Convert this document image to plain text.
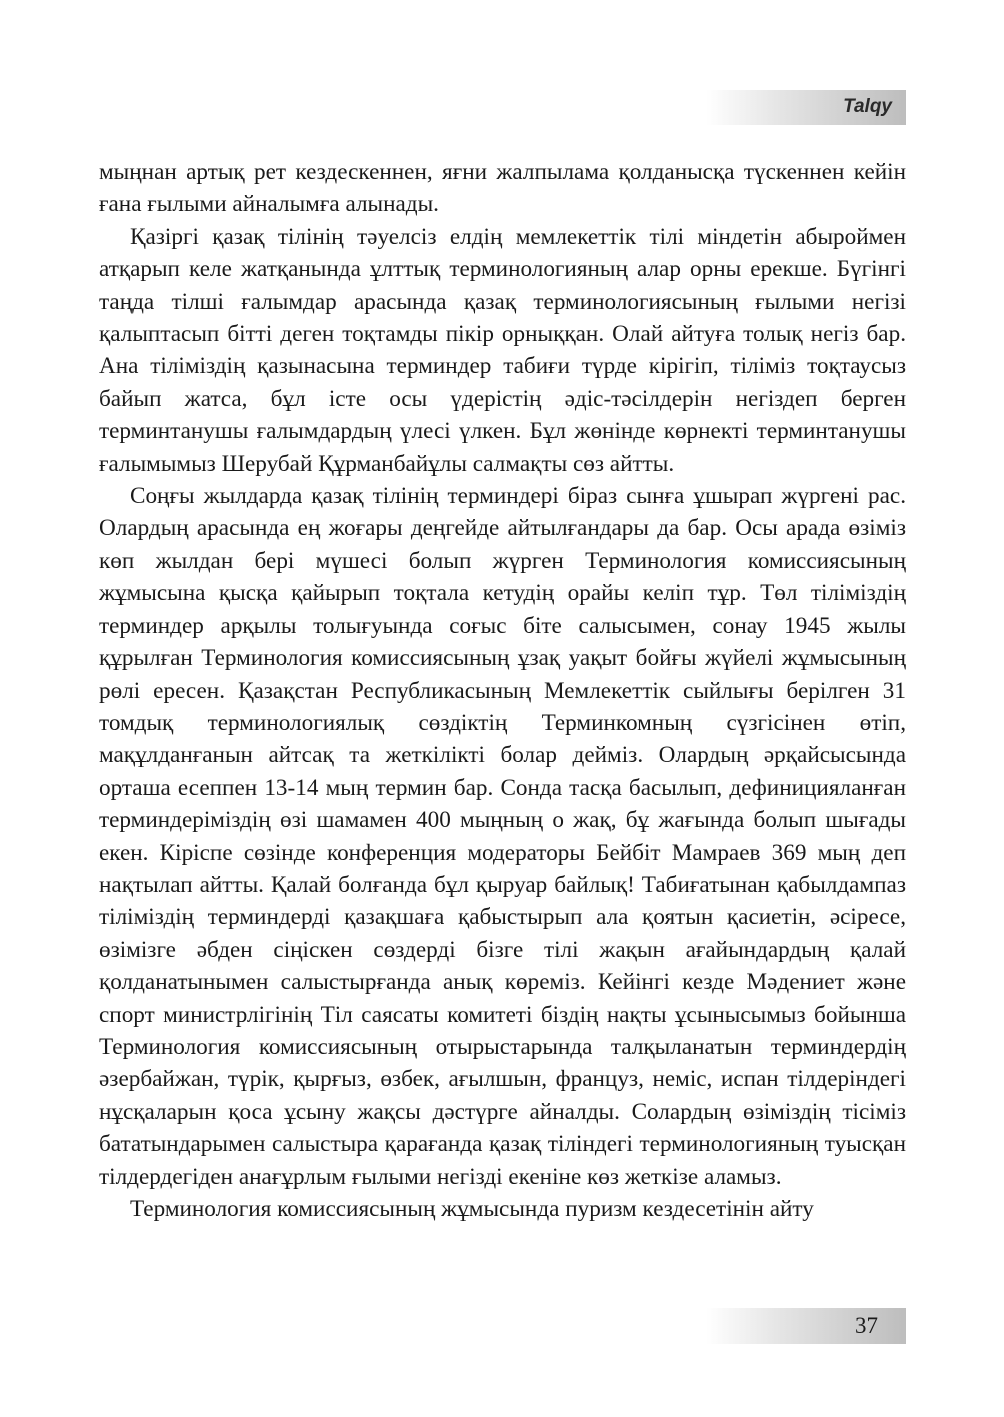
Talqy

мыңнан артық рет кездескеннен, яғни жалпылама қолданысқа түскеннен кейін ғана ғылыми айналымға алынады.

Қазіргі қазақ тілінің тәуелсіз елдің мемлекеттік тілі міндетін абыроймен атқарып келе жатқанында ұлттық терминологияның алар орны ерекше. Бүгінгі таңда тілші ғалымдар арасында қазақ терминологиясының ғылыми негізі қалыптасып бітті деген тоқтамды пікір орныққан. Олай айтуға толық негіз бар. Ана тіліміздің қазынасына терминдер табиғи түрде кірігіп, тіліміз тоқтаусыз байып жатса, бұл істе осы үдерістің әдіс-тәсілдерін негіздеп берген терминтанушы ғалымдардың үлесі үлкен. Бұл жөнінде көрнекті терминтанушы ғалымымыз Шерубай Құрманбайұлы салмақты сөз айтты.

Соңғы жылдарда қазақ тілінің терминдері біраз сынға ұшырап жүргені рас. Олардың арасында ең жоғары деңгейде айтылғандары да бар. Осы арада өзіміз көп жылдан бері мүшесі болып жүрген Терминология комиссиясының жұмысына қысқа қайырып тоқтала кетудің орайы келіп тұр. Төл тіліміздің терминдер арқылы толығуында соғыс біте салысымен, сонау 1945 жылы құрылған Терминология комиссиясының ұзақ уақыт бойғы жүйелі жұмысының рөлі ересен. Қазақстан Республикасының Мемлекеттік сыйлығы берілген 31 томдық терминологиялық сөздіктің Терминкомның сүзгісінен өтіп, мақұлданғанын айтсақ та жеткілікті болар дейміз. Олардың әрқайсысында орташа есеппен 13-14 мың термин бар. Сонда тасқа басылып, дефиницияланған терминдеріміздің өзі шамамен 400 мыңның о жақ, бұ жағында болып шығады екен. Кіріспе сөзінде конференция модераторы Бейбіт Мамраев 369 мың деп нақтылап айтты. Қалай болғанда бұл қыруар байлық! Табиғатынан қабылдампаз тіліміздің терминдерді қазақшаға қабыстырып ала қоятын қасиетін, әсіресе, өзімізге әбден сіңіскен сөздерді бізге тілі жақын ағайындардың қалай қолданатынымен салыстырғанда анық көреміз. Кейінгі кезде Мәдениет және спорт министрлігінің Тіл саясаты комитеті біздің нақты ұсынысымыз бойынша Терминология комиссиясының отырыстарында талқыланатын терминдердің әзербайжан, түрік, қырғыз, өзбек, ағылшын, француз, неміс, испан тілдеріндегі нұсқаларын қоса ұсыну жақсы дәстүрге айналды. Солардың өзіміздің тісіміз бататындарымен салыстыра қарағанда қазақ тіліндегі терминологияның туысқан тілдердегіден анағұрлым ғылыми негізді екеніне көз жеткізе аламыз.

Терминология комиссиясының жұмысында пуризм кездесетінін айту

37
